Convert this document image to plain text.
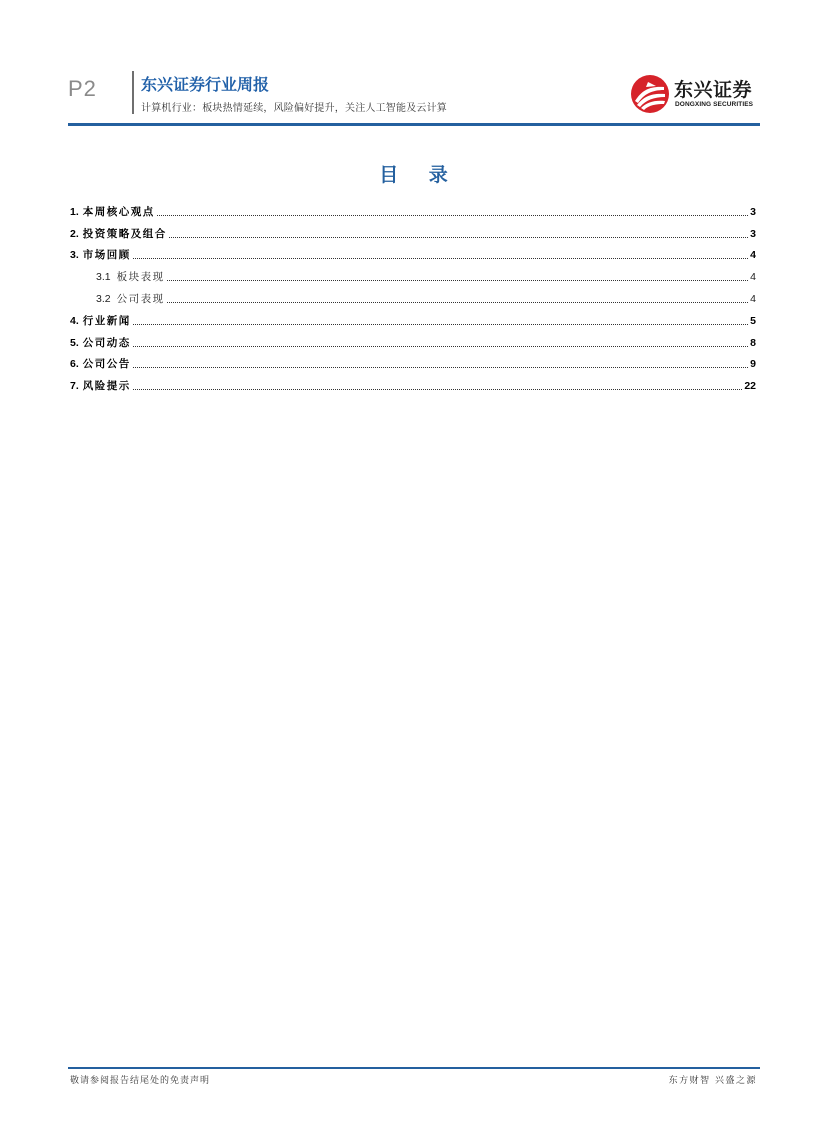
P2	东兴证券行业周报
计算机行业：板块热情延续，风险偏好提升，关注人工智能及云计算
东兴证券
DONGXING SECURITIES
目 录
1. 本周核心观点	3
2. 投资策略及组合	3
3. 市场回顾	4
3.1 板块表现	4
3.2 公司表现	4
4. 行业新闻	5
5. 公司动态	8
6. 公司公告	9
7. 风险提示	22
敬请参阅报告结尾处的免责声明	东方财智 兴盛之源
